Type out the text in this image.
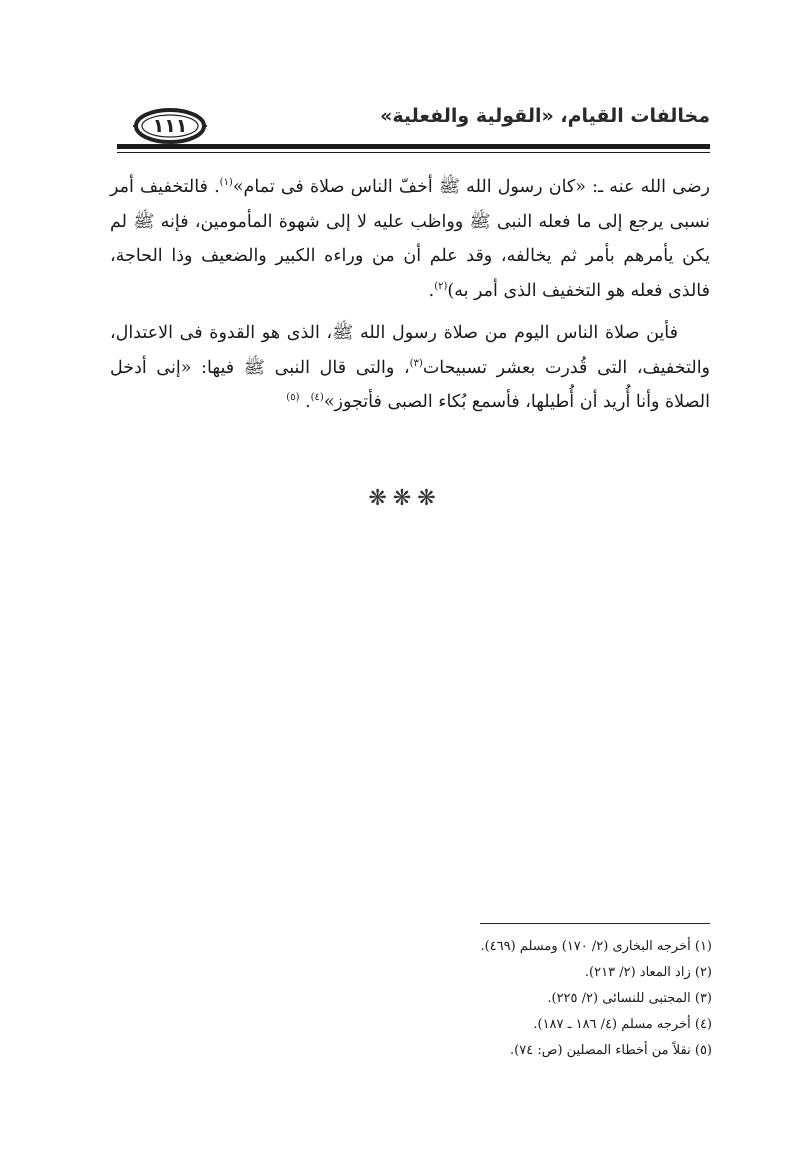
مخالفات القيام، «القولية والفعلية»
١١١

رضى الله عنه ـ: «كان رسول الله ﷺ أخفّ الناس صلاة فى تمام»$^{(١)}$. فالتخفيف أمر نسبى يرجع إلى ما فعله النبى ﷺ وواظب عليه لا إلى شهوة المأمومين، فإنه ﷺ لم يكن يأمرهم بأمر ثم يخالفه، وقد علم أن من وراءه الكبير والضعيف وذا الحاجة، فالذى فعله هو التخفيف الذى أمر به)$^{(٢)}$.

فأين صلاة الناس اليوم من صلاة رسول الله ﷺ، الذى هو القدوة فى الاعتدال، والتخفيف، التى قُدرت بعشر تسبيحات$^{(٣)}$، والتى قال النبى ﷺ فيها: «إنى أدخل الصلاة وأنا أُريد أن أُطيلها، فأسمع بُكاء الصبى فأتجوز»$^{(٤)}$. $^{(٥)}$

❋❋❋
(١) أخرجه البخارى (٢/ ١٧٠) ومسلم (٤٦٩).
(٢) زاد المعاد (٢/ ٢١٣).
(٣) المجتبى للنسائى (٢/ ٢٢٥).
(٤) أخرجه مسلم (٤/ ١٨٦ ـ ١٨٧).
(٥) نقلاً من أخطاء المصلين (ص: ٧٤).
